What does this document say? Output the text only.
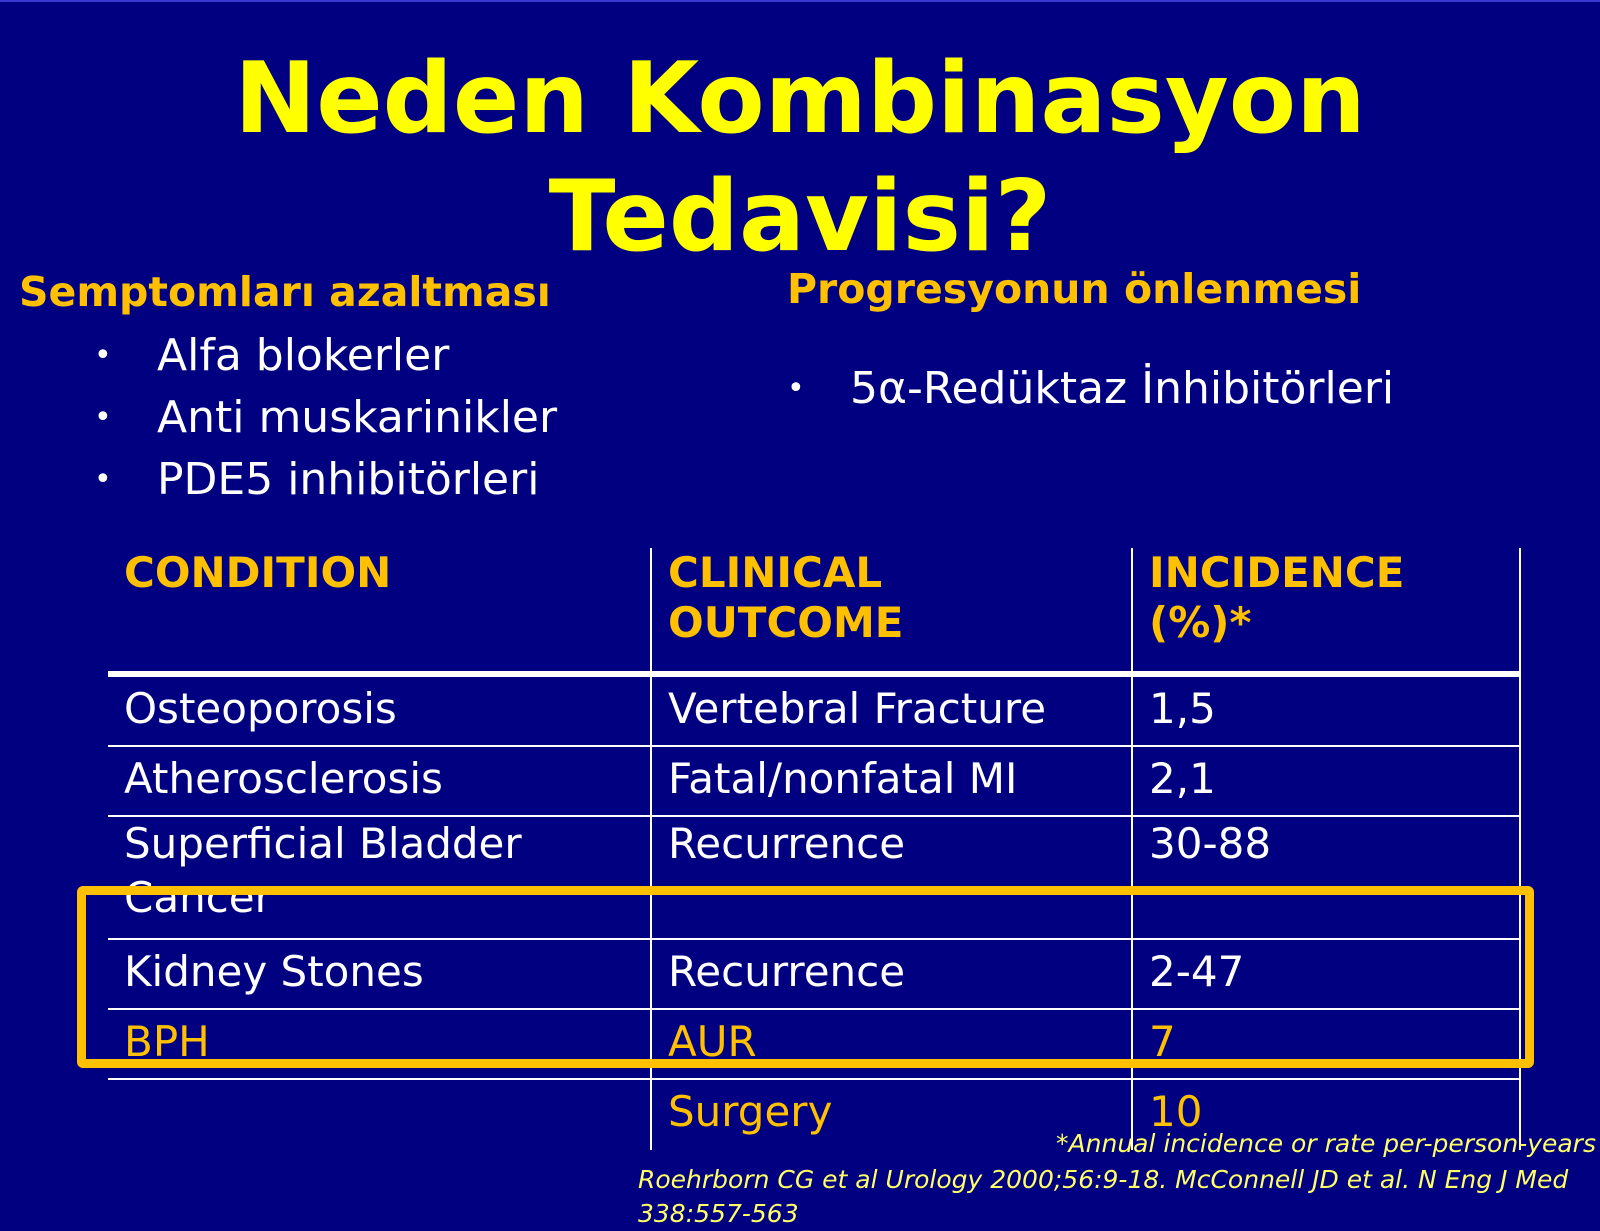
Neden Kombinasyon
Tedavisi?
Semptomları azaltması
• Alfa blokerler
• Anti muskarinikler
• PDE5 inhibitörleri
Progresyonun önlenmesi
• 5α-Redüktaz İnhibitörleri
CONDITION	CLINICAL OUTCOME	INCIDENCE (%)*
Osteoporosis	Vertebral Fracture	1,5
Atherosclerosis	Fatal/nonfatal MI	2,1
Superficial Bladder Cancer	Recurrence	30-88
Kidney Stones	Recurrence	2-47
BPH	AUR	7
	Surgery	10
*Annual incidence or rate per-person-years
Roehrborn CG et al Urology 2000;56:9-18. McConnell JD et al. N Eng J Med 338:557-563
